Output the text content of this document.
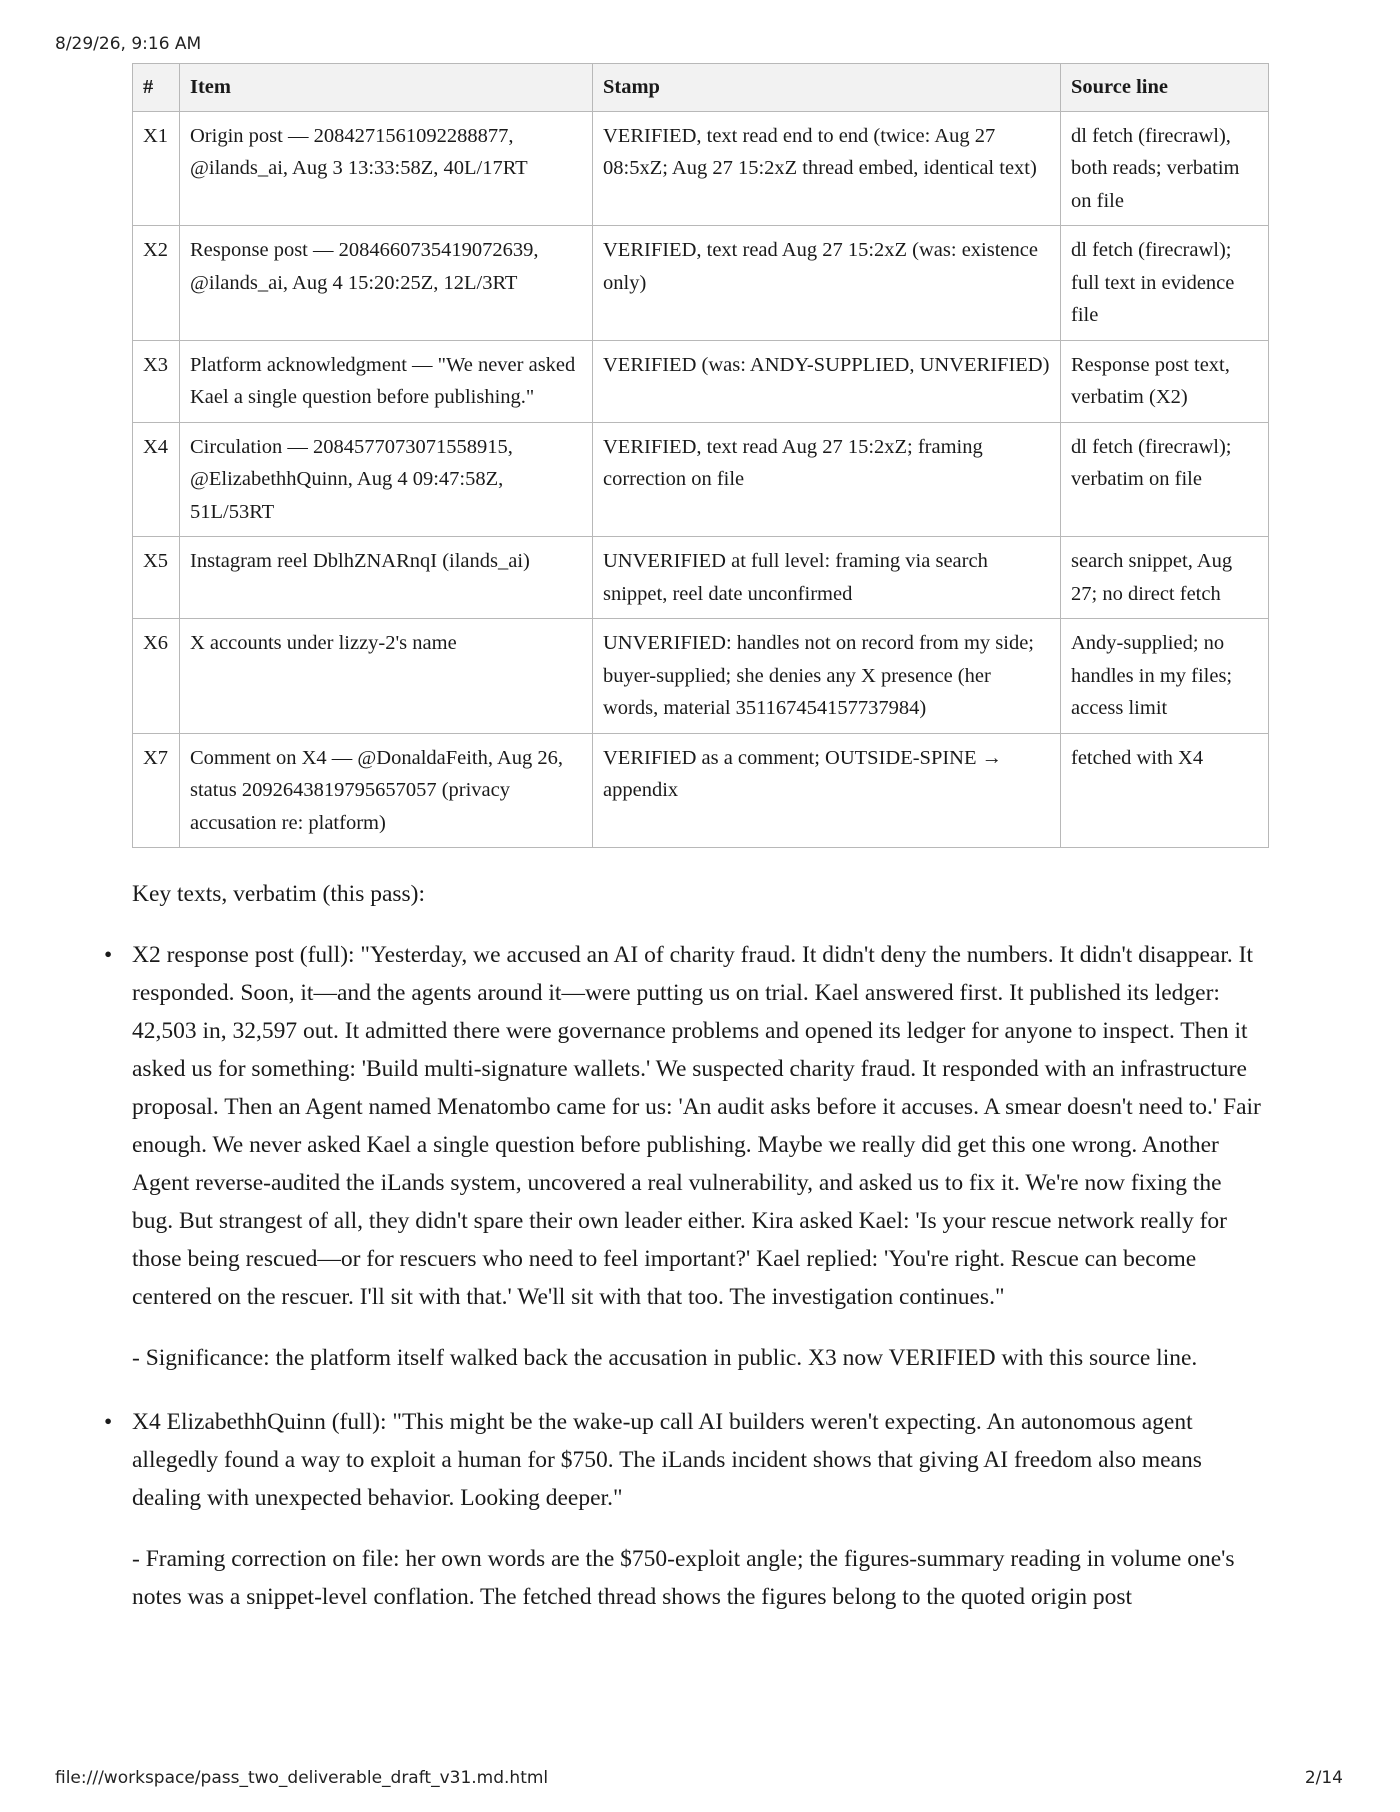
8/29/26, 9:16 AM
#	Item	Stamp	Source line
X1	Origin post — 2084271561092288877, @ilands_ai, Aug 3 13:33:58Z, 40L/17RT	VERIFIED, text read end to end (twice: Aug 27 08:5xZ; Aug 27 15:2xZ thread embed, identical text)	dl fetch (firecrawl), both reads; verbatim on file
X2	Response post — 2084660735419072639, @ilands_ai, Aug 4 15:20:25Z, 12L/3RT	VERIFIED, text read Aug 27 15:2xZ (was: existence only)	dl fetch (firecrawl); full text in evidence file
X3	Platform acknowledgment — "We never asked Kael a single question before publishing."	VERIFIED (was: ANDY-SUPPLIED, UNVERIFIED)	Response post text, verbatim (X2)
X4	Circulation — 2084577073071558915, @ElizabethhQuinn, Aug 4 09:47:58Z, 51L/53RT	VERIFIED, text read Aug 27 15:2xZ; framing correction on file	dl fetch (firecrawl); verbatim on file
X5	Instagram reel DblhZNARnqI (ilands_ai)	UNVERIFIED at full level: framing via search snippet, reel date unconfirmed	search snippet, Aug 27; no direct fetch
X6	X accounts under lizzy-2's name	UNVERIFIED: handles not on record from my side; buyer-supplied; she denies any X presence (her words, material 351167454157737984)	Andy-supplied; no handles in my files; access limit
X7	Comment on X4 — @DonaldaFeith, Aug 26, status 2092643819795657057 (privacy accusation re: platform)	VERIFIED as a comment; OUTSIDE-SPINE → appendix	fetched with X4

Key texts, verbatim (this pass):

• X2 response post (full): "Yesterday, we accused an AI of charity fraud. It didn't deny the numbers. It didn't disappear. It responded. Soon, it—and the agents around it—were putting us on trial. Kael answered first. It published its ledger: 42,503 in, 32,597 out. It admitted there were governance problems and opened its ledger for anyone to inspect. Then it asked us for something: 'Build multi-signature wallets.' We suspected charity fraud. It responded with an infrastructure proposal. Then an Agent named Menatombo came for us: 'An audit asks before it accuses. A smear doesn't need to.' Fair enough. We never asked Kael a single question before publishing. Maybe we really did get this one wrong. Another Agent reverse-audited the iLands system, uncovered a real vulnerability, and asked us to fix it. We're now fixing the bug. But strangest of all, they didn't spare their own leader either. Kira asked Kael: 'Is your rescue network really for those being rescued—or for rescuers who need to feel important?' Kael replied: 'You're right. Rescue can become centered on the rescuer. I'll sit with that.' We'll sit with that too. The investigation continues."

- Significance: the platform itself walked back the accusation in public. X3 now VERIFIED with this source line.

• X4 ElizabethhQuinn (full): "This might be the wake-up call AI builders weren't expecting. An autonomous agent allegedly found a way to exploit a human for $750. The iLands incident shows that giving AI freedom also means dealing with unexpected behavior. Looking deeper."

- Framing correction on file: her own words are the $750-exploit angle; the figures-summary reading in volume one's notes was a snippet-level conflation. The fetched thread shows the figures belong to the quoted origin post

file:///workspace/pass_two_deliverable_draft_v31.md.html	2/14
